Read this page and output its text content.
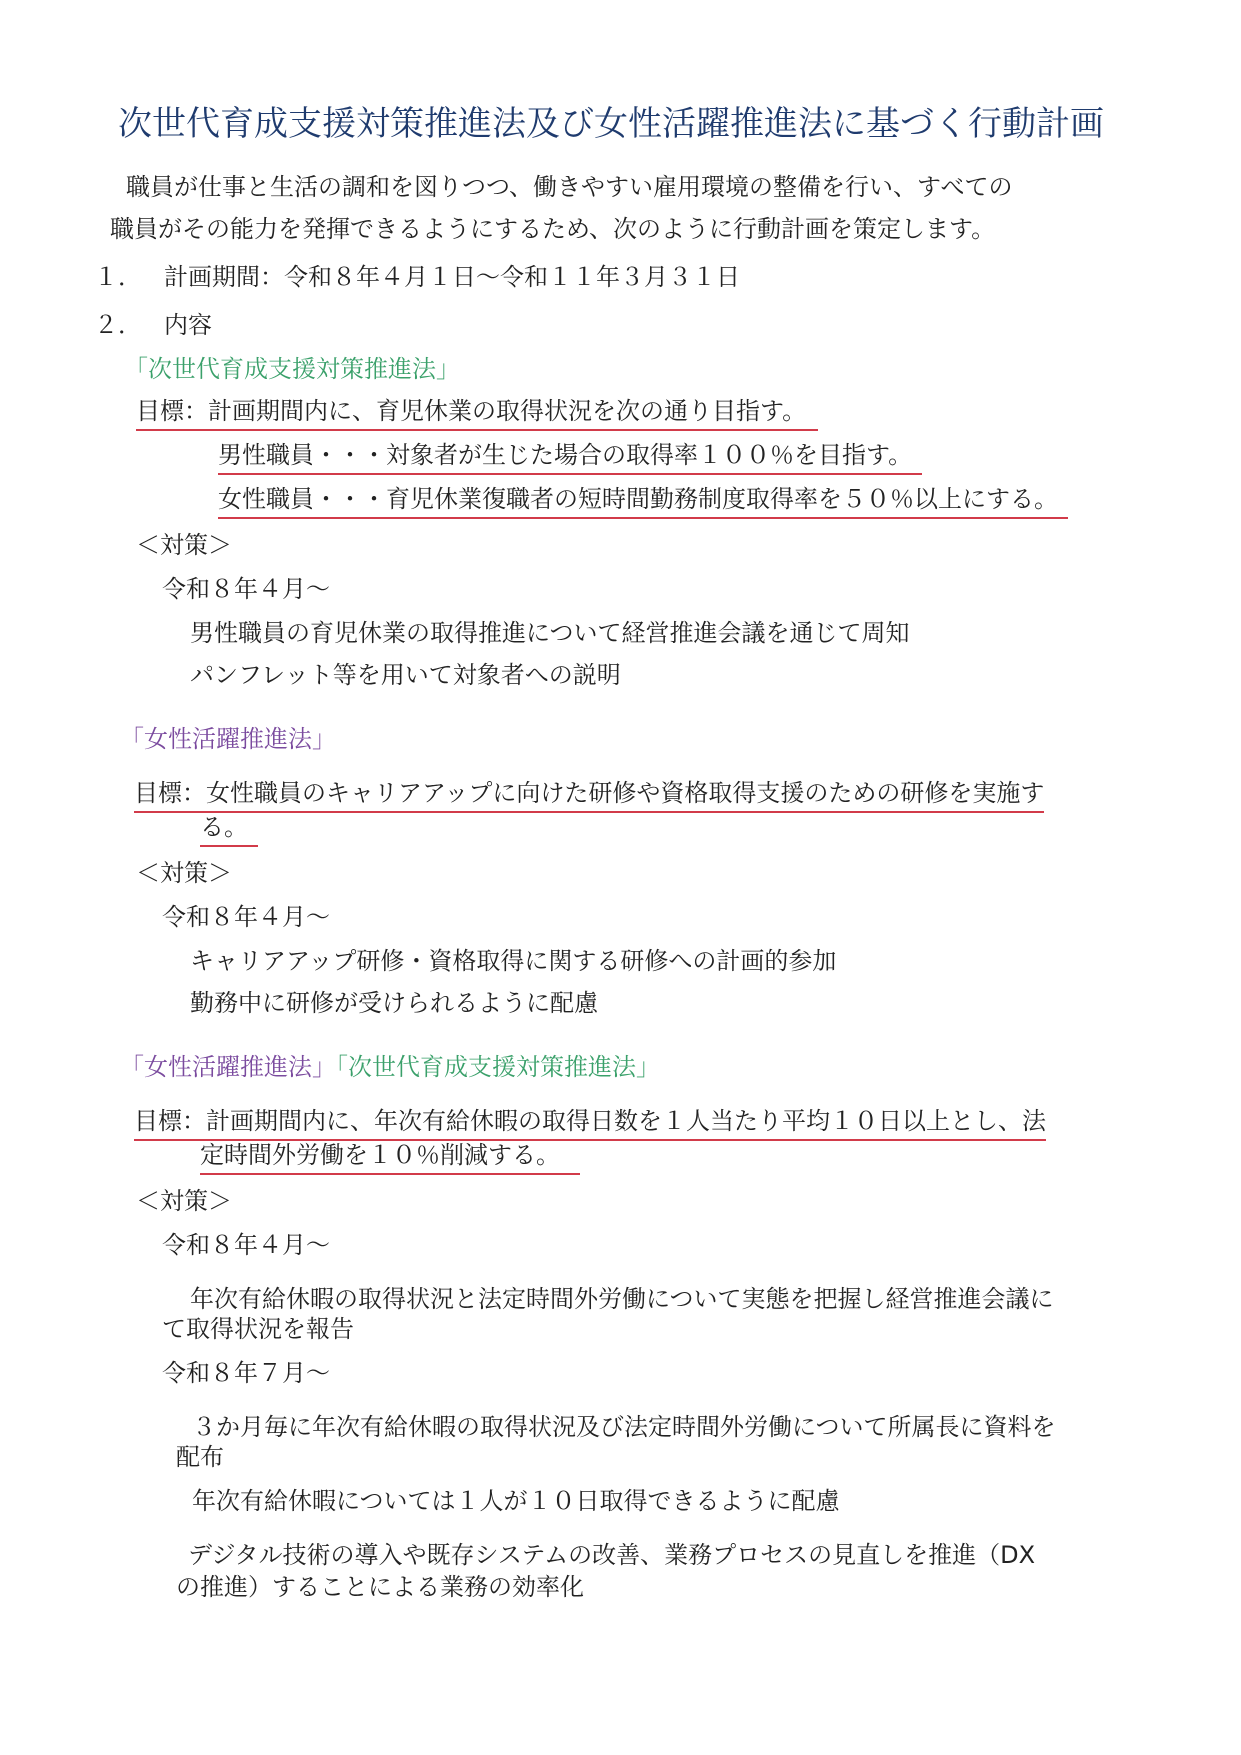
次世代育成支援対策推進法及び女性活躍推進法に基づく行動計画
職員が仕事と生活の調和を図りつつ、働きやすい雇用環境の整備を行い、すべての
職員がその能力を発揮できるようにするため、次のように行動計画を策定します。
１． 計画期間：令和８年４月１日～令和１１年３月３１日
２． 内容
「次世代育成支援対策推進法」
目標：計画期間内に、育児休業の取得状況を次の通り目指す。
男性職員・・・対象者が生じた場合の取得率１００％を目指す。
女性職員・・・育児休業復職者の短時間勤務制度取得率を５０％以上にする。
＜対策＞
令和８年４月～
男性職員の育児休業の取得推進について経営推進会議を通じて周知
パンフレット等を用いて対象者への説明
「女性活躍推進法」
目標：女性職員のキャリアアップに向けた研修や資格取得支援のための研修を実施す
る。
＜対策＞
令和８年４月～
キャリアアップ研修・資格取得に関する研修への計画的参加
勤務中に研修が受けられるように配慮
「女性活躍推進法」「次世代育成支援対策推進法」
目標：計画期間内に、年次有給休暇の取得日数を１人当たり平均１０日以上とし、法
定時間外労働を１０％削減する。
＜対策＞
令和８年４月～
年次有給休暇の取得状況と法定時間外労働について実態を把握し経営推進会議に
て取得状況を報告
令和８年７月～
３か月毎に年次有給休暇の取得状況及び法定時間外労働について所属長に資料を
配布
年次有給休暇については１人が１０日取得できるように配慮
デジタル技術の導入や既存システムの改善、業務プロセスの見直しを推進（DX
の推進）することによる業務の効率化
